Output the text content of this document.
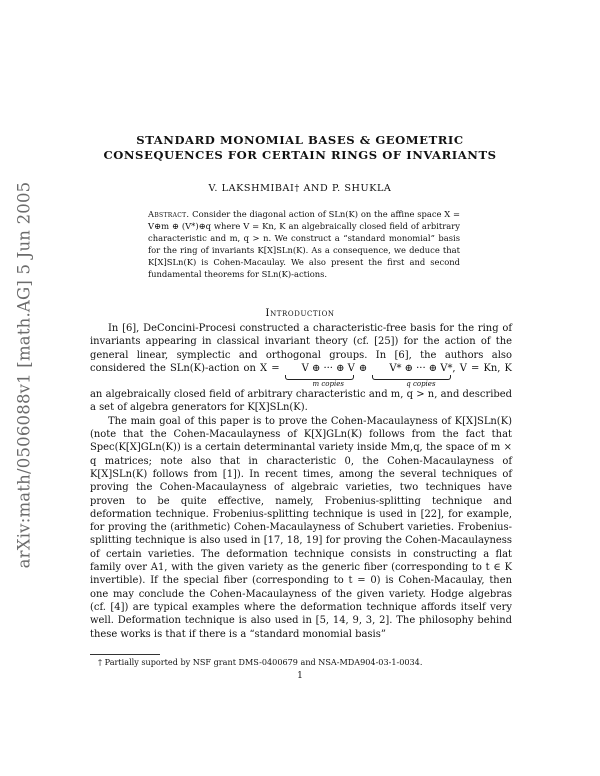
arXiv:math/0506088v1 [math.AG] 5 Jun 2005
STANDARD MONOMIAL BASES & GEOMETRIC
CONSEQUENCES FOR CERTAIN RINGS OF INVARIANTS
V. LAKSHMIBAI† AND P. SHUKLA
Abstract. Consider the diagonal action of SLn(K) on the affine space X = V⊕m ⊕ (V*)⊕q where V = Kn, K an algebraically closed field of arbitrary characteristic and m, q > n. We construct a “standard monomial” basis for the ring of invariants K[X]SLn(K). As a consequence, we deduce that K[X]SLn(K) is Cohen-Macaulay. We also present the first and second fundamental theorems for SLn(K)-actions.
Introduction

In [6], DeConcini-Procesi constructed a characteristic-free basis for the ring of invariants appearing in classical invariant theory (cf. [25]) for the action of the general linear, symplectic and orthogonal groups. In [6], the authors also considered the SLn(K)-action on X = V ⊕ ··· ⊕ V
m copies
⊕ V* ⊕ ··· ⊕ V*
q copies
, V = Kn, K an algebraically closed field of arbitrary characteristic and m, q > n, and described a set of algebra generators for K[X]SLn(K).

The main goal of this paper is to prove the Cohen-Macaulayness of K[X]SLn(K) (note that the Cohen-Macaulayness of K[X]GLn(K) follows from the fact that Spec(K[X]GLn(K)) is a certain determinantal variety inside Mm,q, the space of m × q matrices; note also that in characteristic 0, the Cohen-Macaulayness of K[X]SLn(K) follows from [1]). In recent times, among the several techniques of proving the Cohen-Macaulayness of algebraic varieties, two techniques have proven to be quite effective, namely, Frobenius-splitting technique and deformation technique. Frobenius-splitting technique is used in [22], for example, for proving the (arithmetic) Cohen-Macaulayness of Schubert varieties. Frobenius-splitting technique is also used in [17, 18, 19] for proving the Cohen-Macaulayness of certain varieties. The deformation technique consists in constructing a flat family over A1, with the given variety as the generic fiber (corresponding to t ∈ K invertible). If the special fiber (corresponding to t = 0) is Cohen-Macaulay, then one may conclude the Cohen-Macaulayness of the given variety. Hodge algebras (cf. [4]) are typical examples where the deformation technique affords itself very well. Deformation technique is also used in [5, 14, 9, 3, 2]. The philosophy behind these works is that if there is a “standard monomial basis”

† Partially suported by NSF grant DMS-0400679 and NSA-MDA904-03-1-0034.
1
